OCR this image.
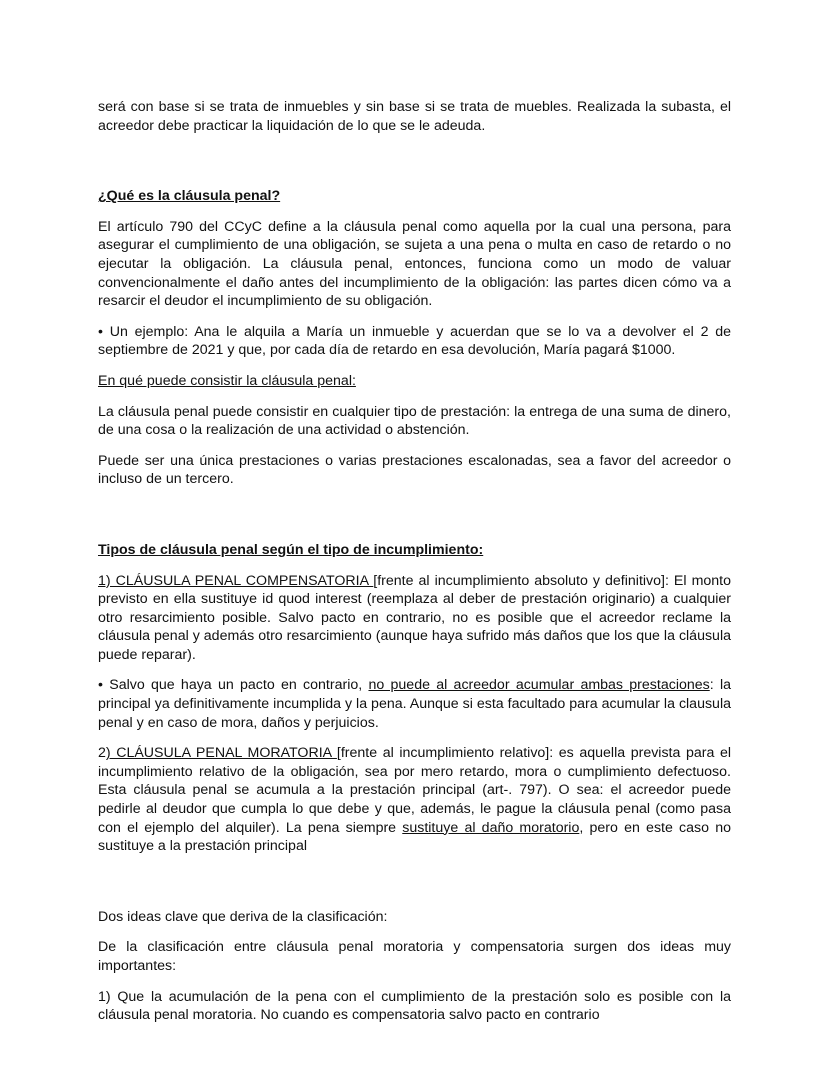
será con base si se trata de inmuebles y sin base si se trata de muebles. Realizada la subasta, el acreedor debe practicar la liquidación de lo que se le adeuda.

¿Qué es la cláusula penal?

El artículo 790 del CCyC define a la cláusula penal como aquella por la cual una persona, para asegurar el cumplimiento de una obligación, se sujeta a una pena o multa en caso de retardo o no ejecutar la obligación. La cláusula penal, entonces, funciona como un modo de valuar convencionalmente el daño antes del incumplimiento de la obligación: las partes dicen cómo va a resarcir el deudor el incumplimiento de su obligación.

• Un ejemplo: Ana le alquila a María un inmueble y acuerdan que se lo va a devolver el 2 de septiembre de 2021 y que, por cada día de retardo en esa devolución, María pagará $1000.

En qué puede consistir la cláusula penal:

La cláusula penal puede consistir en cualquier tipo de prestación: la entrega de una suma de dinero, de una cosa o la realización de una actividad o abstención.

Puede ser una única prestaciones o varias prestaciones escalonadas, sea a favor del acreedor o incluso de un tercero.

Tipos de cláusula penal según el tipo de incumplimiento:

1) CLÁUSULA PENAL COMPENSATORIA [frente al incumplimiento absoluto y definitivo]: El monto previsto en ella sustituye id quod interest (reemplaza al deber de prestación originario) a cualquier otro resarcimiento posible. Salvo pacto en contrario, no es posible que el acreedor reclame la cláusula penal y además otro resarcimiento (aunque haya sufrido más daños que los que la cláusula puede reparar).

• Salvo que haya un pacto en contrario, no puede al acreedor acumular ambas prestaciones: la principal ya definitivamente incumplida y la pena. Aunque si esta facultado para acumular la clausula penal y en caso de mora, daños y perjuicios.

2) CLÁUSULA PENAL MORATORIA [frente al incumplimiento relativo]: es aquella prevista para el incumplimiento relativo de la obligación, sea por mero retardo, mora o cumplimiento defectuoso. Esta cláusula penal se acumula a la prestación principal (art-. 797). O sea: el acreedor puede pedirle al deudor que cumpla lo que debe y que, además, le pague la cláusula penal (como pasa con el ejemplo del alquiler). La pena siempre sustituye al daño moratorio, pero en este caso no sustituye a la prestación principal

Dos ideas clave que deriva de la clasificación:

De la clasificación entre cláusula penal moratoria y compensatoria surgen dos ideas muy importantes:

1) Que la acumulación de la pena con el cumplimiento de la prestación solo es posible con la cláusula penal moratoria. No cuando es compensatoria salvo pacto en contrario
